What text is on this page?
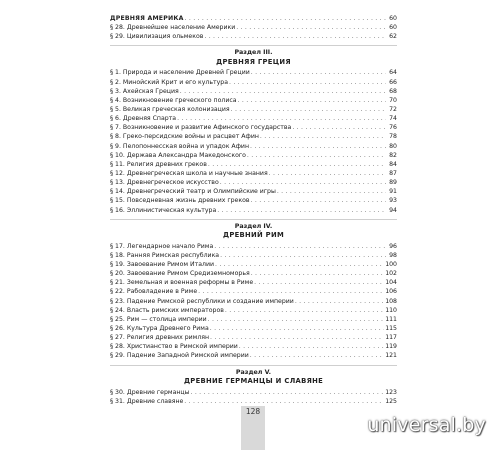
ДРЕВНЯЯ АМЕРИКА . . .	60
§ 28. Древнейшее население Америки . . .	60
§ 29. Цивилизация ольмеков . . .	62
Раздел III.
ДРЕВНЯЯ ГРЕЦИЯ
§ 1. Природа и население Древней Греции . . .	64
§ 2. Минойский Крит и его культура . . .	66
§ 3. Ахейская Греция . . .	68
§ 4. Возникновение греческого полиса . . .	70
§ 5. Великая греческая колонизация . . .	72
§ 6. Древняя Спарта . . .	74
§ 7. Возникновение и развитие Афинского государства . . .	76
§ 8. Греко-персидские войны и расцвет Афин . . .	78
§ 9. Пелопоннесская война и упадок Афин . . .	80
§ 10. Держава Александра Македонского . . .	82
§ 11. Религия древних греков . . .	84
§ 12. Древнегреческая школа и научные знания . . .	87
§ 13. Древнегреческое искусство . . .	89
§ 14. Древнегреческий театр и Олимпийские игры . . .	91
§ 15. Повседневная жизнь древних греков . . .	93
§ 16. Эллинистическая культура . . .	94
Раздел IV.
ДРЕВНИЙ РИМ
§ 17. Легендарное начало Рима . . .	96
§ 18. Ранняя Римская республика . . .	98
§ 19. Завоевание Римом Италии . . .	100
§ 20. Завоевание Римом Средиземноморья . . .	102
§ 21. Земельная и военная реформы в Риме . . .	104
§ 22. Рабовладение в Риме . . .	106
§ 23. Падение Римской республики и создание империи . . .	108
§ 24. Власть римских императоров . . .	110
§ 25. Рим — столица империи . . .	111
§ 26. Культура Древнего Рима . . .	115
§ 27. Религия древних римлян . . .	117
§ 28. Христианство в Римской империи . . .	119
§ 29. Падение Западной Римской империи . . .	121
Раздел V.
ДРЕВНИЕ ГЕРМАНЦЫ И СЛАВЯНЕ
§ 30. Древние германцы . . .	123
§ 31. Древние славяне . . .	125
128
universal.by
